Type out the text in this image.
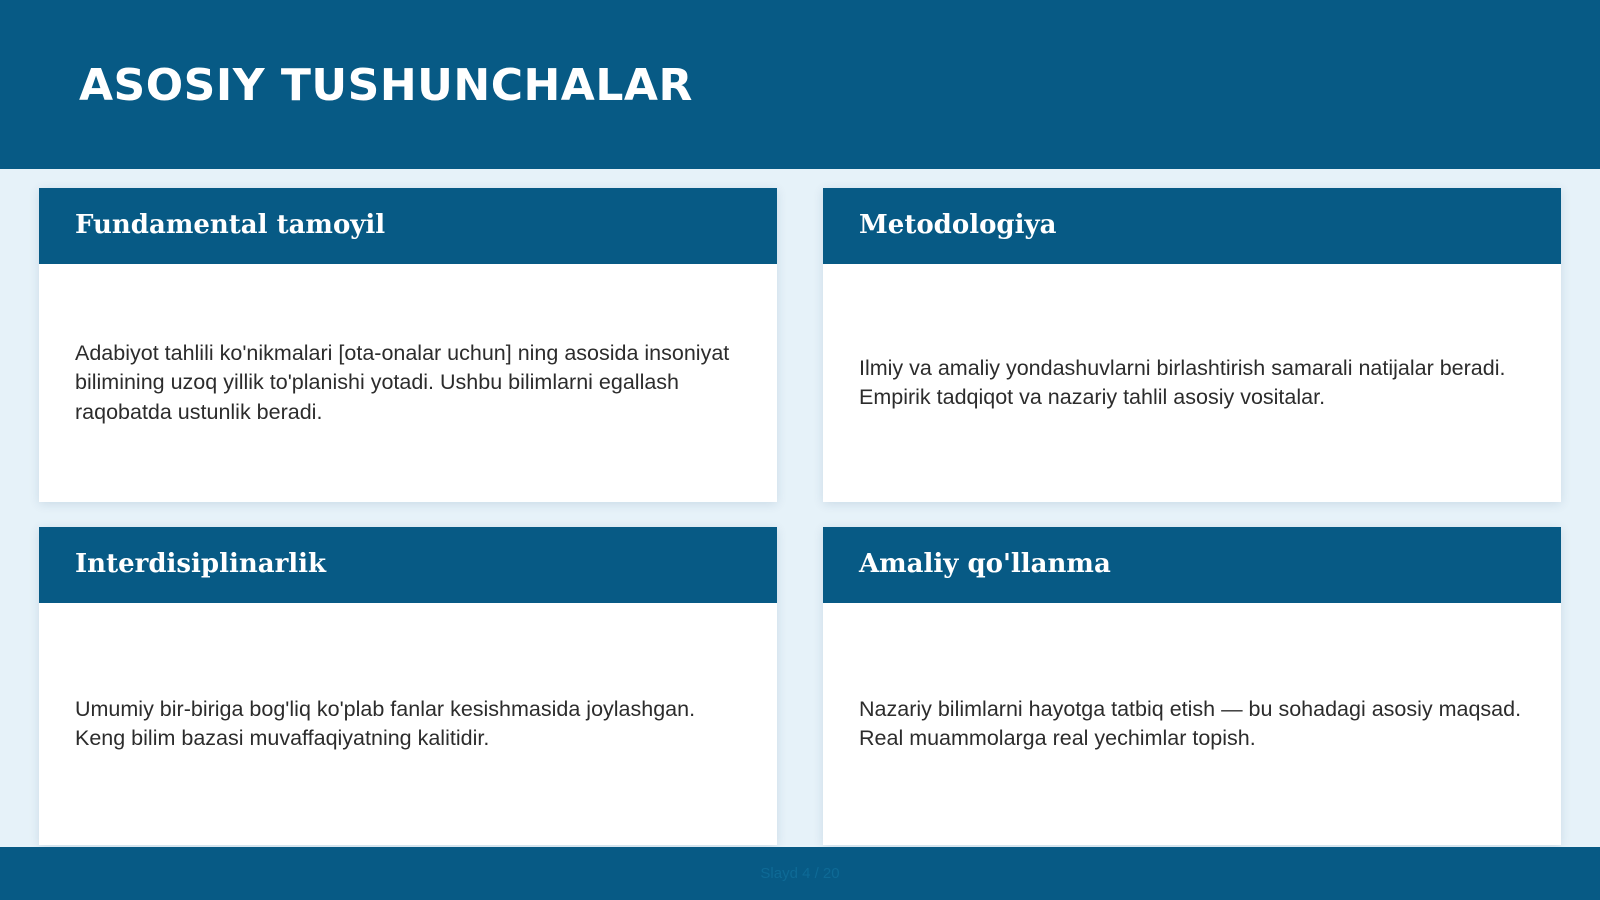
ASOSIY TUSHUNCHALAR
Fundamental tamoyil

Adabiyot tahlili ko'nikmalari [ota-onalar uchun] ning asosida insoniyat bilimining uzoq yillik to'planishi yotadi. Ushbu bilimlarni egallash raqobatda ustunlik beradi.

Metodologiya

Ilmiy va amaliy yondashuvlarni birlashtirish samarali natijalar beradi. Empirik tadqiqot va nazariy tahlil asosiy vositalar.

Interdisiplinarlik

Umumiy bir-biriga bog'liq ko'plab fanlar kesishmasida joylashgan. Keng bilim bazasi muvaffaqiyatning kalitidir.

Amaliy qo'llanma

Nazariy bilimlarni hayotga tatbiq etish — bu sohadagi asosiy maqsad. Real muammolarga real yechimlar topish.

Slayd 4 / 20
